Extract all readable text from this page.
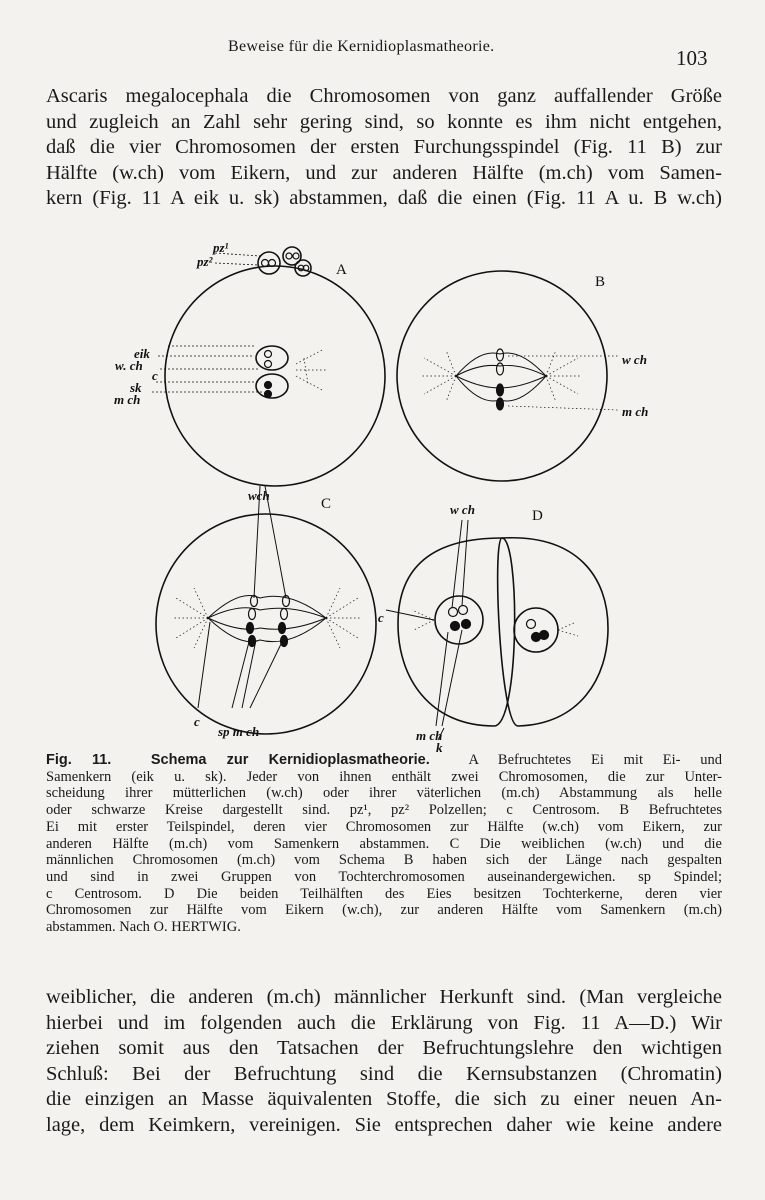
Beweise für die Kernidioplasmatheorie.	103
Ascaris megalocephala die Chromosomen von ganz auffallender Größe
und zugleich an Zahl sehr gering sind, so konnte es ihm nicht entgehen,
daß die vier Chromosomen der ersten Furchungsspindel (Fig. 11 B) zur
Hälfte (w.ch) vom Eikern, und zur anderen Hälfte (m.ch) vom Samen-
kern (Fig. 11 A eik u. sk) abstammen, daß die einen (Fig. 11 A u. B w.ch)
A
B
C
D
pz¹
pz²
eik
w. ch
c
sk
m ch
w ch
m ch
wch
c
sp m ch
w ch
c
m ch
k
Fig. 11.	Schema zur Kernidioplasmatheorie.	A Befruchtetes Ei mit Ei- und
Samenkern (eik u. sk). Jeder von ihnen enthält zwei Chromosomen, die zur Unter-
scheidung ihrer mütterlichen (w.ch) oder ihrer väterlichen (m.ch) Abstammung als helle
oder schwarze Kreise dargestellt sind. pz¹, pz² Polzellen; c Centrosom. B Befruchtetes
Ei mit erster Teilspindel, deren vier Chromosomen zur Hälfte (w.ch) vom Eikern, zur
anderen Hälfte (m.ch) vom Samenkern abstammen. C Die weiblichen (w.ch) und die
männlichen Chromosomen (m.ch) vom Schema B haben sich der Länge nach gespalten
und sind in zwei Gruppen von Tochterchromosomen auseinandergewichen. sp Spindel;
c Centrosom. D Die beiden Teilhälften des Eies besitzen Tochterkerne, deren vier
Chromosomen zur Hälfte vom Eikern (w.ch), zur anderen Hälfte vom Samenkern (m.ch)
abstammen. Nach O. HERTWIG.
weiblicher, die anderen (m.ch) männlicher Herkunft sind. (Man vergleiche
hierbei und im folgenden auch die Erklärung von Fig. 11 A—D.) Wir
ziehen somit aus den Tatsachen der Befruchtungslehre den wichtigen
Schluß: Bei der Befruchtung sind die Kernsubstanzen (Chromatin)
die einzigen an Masse äquivalenten Stoffe, die sich zu einer neuen An-
lage, dem Keimkern, vereinigen. Sie entsprechen daher wie keine andere
